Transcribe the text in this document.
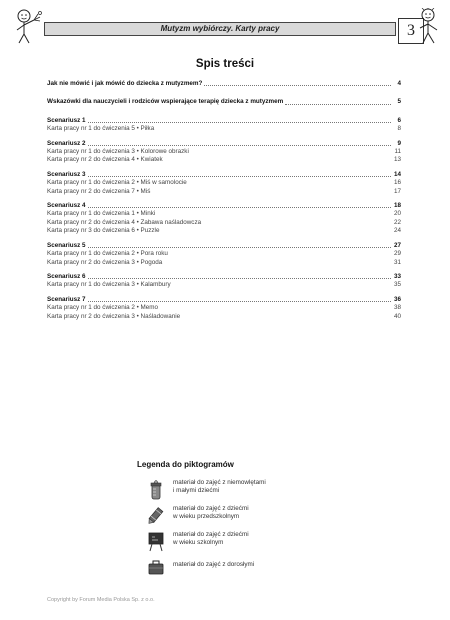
Mutyzm wybiórczy. Karty pracy	3
Spis treści
Jak nie mówić i jak mówić do dziecka z mutyzmem?	4
Wskazówki dla nauczycieli i rodziców wspierające terapię dziecka z mutyzmem	5
Scenariusz 1	6
Karta pracy nr 1 do ćwiczenia 5 • Piłka	8
Scenariusz 2	9
Karta pracy nr 1 do ćwiczenia 3 • Kolorowe obrazki	11
Karta pracy nr 2 do ćwiczenia 4 • Kwiatek	13
Scenariusz 3	14
Karta pracy nr 1 do ćwiczenia 2 • Miś w samolocie	16
Karta pracy nr 2 do ćwiczenia 7 • Miś	17
Scenariusz 4	18
Karta pracy nr 1 do ćwiczenia 1 • Minki	20
Karta pracy nr 2 do ćwiczenia 4 • Zabawa naśladowcza	22
Karta pracy nr 3 do ćwiczenia 6 • Puzzle	24
Scenariusz 5	27
Karta pracy nr 1 do ćwiczenia 2 • Pora roku	29
Karta pracy nr 2 do ćwiczenia 3 • Pogoda	31
Scenariusz 6	33
Karta pracy nr 1 do ćwiczenia 3 • Kalambury	35
Scenariusz 7	36
Karta pracy nr 1 do ćwiczenia 2 • Memo	38
Karta pracy nr 2 do ćwiczenia 3 • Naśladowanie	40
Legenda do piktogramów
materiał do zajęć z niemowlętami
i małymi dziećmi
materiał do zajęć z dziećmi
w wieku przedszkolnym
materiał do zajęć z dziećmi
w wieku szkolnym
materiał do zajęć z dorosłymi
Copyright by Forum Media Polska Sp. z o.o.
